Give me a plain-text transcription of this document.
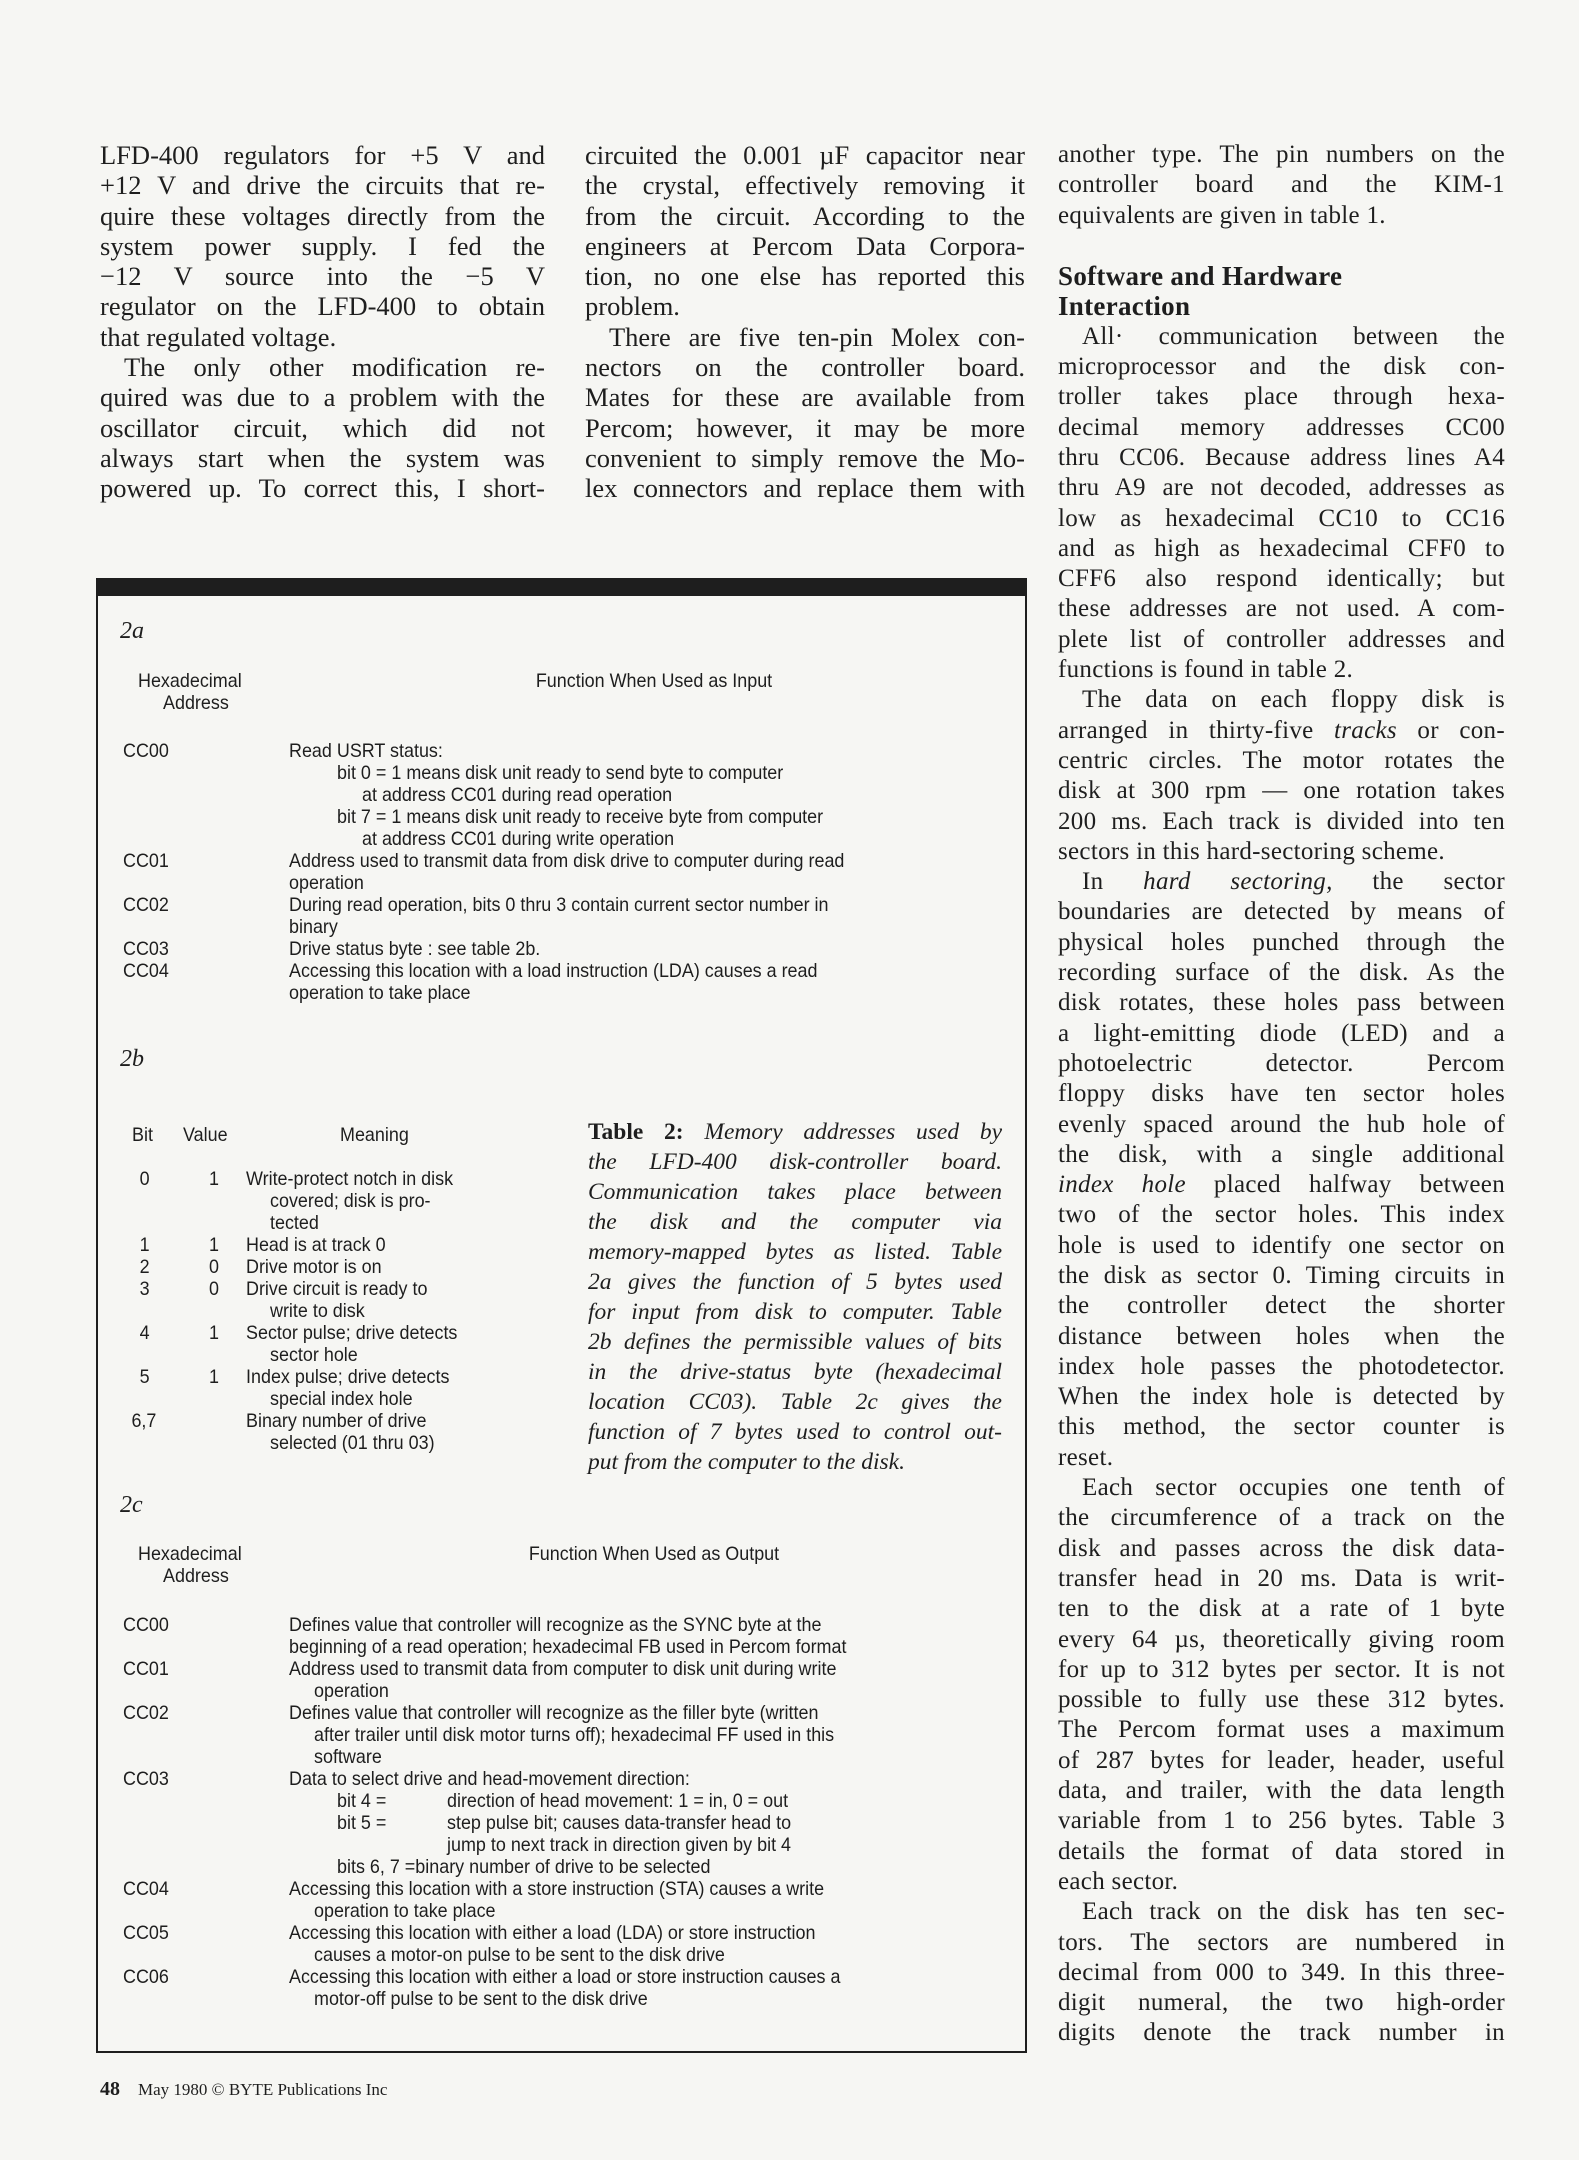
LFD-400 regulators for +5 V and
+12 V and drive the circuits that re-
quire these voltages directly from the
system power supply. I fed the
−12 V source into the −5 V
regulator on the LFD-400 to obtain
that regulated voltage.
The only other modification re-
quired was due to a problem with the
oscillator circuit, which did not
always start when the system was
powered up. To correct this, I short-
circuited the 0.001 µF capacitor near
the crystal, effectively removing it
from the circuit. According to the
engineers at Percom Data Corpora-
tion, no one else has reported this
problem.
There are five ten-pin Molex con-
nectors on the controller board.
Mates for these are available from
Percom; however, it may be more
convenient to simply remove the Mo-
lex connectors and replace them with
another type. The pin numbers on the
controller board and the KIM-1
equivalents are given in table 1.
Software and Hardware
Interaction
All· communication between the
microprocessor and the disk con-
troller takes place through hexa-
decimal memory addresses CC00
thru CC06. Because address lines A4
thru A9 are not decoded, addresses as
low as hexadecimal CC10 to CC16
and as high as hexadecimal CFF0 to
CFF6 also respond identically; but
these addresses are not used. A com-
plete list of controller addresses and
functions is found in table 2.
The data on each floppy disk is
arranged in thirty-five tracks or con-
centric circles. The motor rotates the
disk at 300 rpm — one rotation takes
200 ms. Each track is divided into ten
sectors in this hard-sectoring scheme.
In hard sectoring, the sector
boundaries are detected by means of
physical holes punched through the
recording surface of the disk. As the
disk rotates, these holes pass between
a light-emitting diode (LED) and a
photoelectric detector. Percom
floppy disks have ten sector holes
evenly spaced around the hub hole of
the disk, with a single additional
index hole placed halfway between
two of the sector holes. This index
hole is used to identify one sector on
the disk as sector 0. Timing circuits in
the controller detect the shorter
distance between holes when the
index hole passes the photodetector.
When the index hole is detected by
this method, the sector counter is
reset.
Each sector occupies one tenth of
the circumference of a track on the
disk and passes across the disk data-
transfer head in 20 ms. Data is writ-
ten to the disk at a rate of 1 byte
every 64 µs, theoretically giving room
for up to 312 bytes per sector. It is not
possible to fully use these 312 bytes.
The Percom format uses a maximum
of 287 bytes for leader, header, useful
data, and trailer, with the data length
variable from 1 to 256 bytes. Table 3
details the format of data stored in
each sector.
Each track on the disk has ten sec-
tors. The sectors are numbered in
decimal from 000 to 349. In this three-
digit numeral, the two high-order
digits denote the track number in
2a
Hexadecimal
Address
Function When Used as Input
CC00	Read USRT status:
bit 0 = 1 means disk unit ready to send byte to computer
at address CC01 during read operation
bit 7 = 1 means disk unit ready to receive byte from computer
at address CC01 during write operation
CC01	Address used to transmit data from disk drive to computer during read
operation
CC02	During read operation, bits 0 thru 3 contain current sector number in
binary
CC03	Drive status byte : see table 2b.
CC04	Accessing this location with a load instruction (LDA) causes a read
operation to take place
2c
Hexadecimal
Address
Function When Used as Output
CC00	Defines value that controller will recognize as the SYNC byte at the
beginning of a read operation; hexadecimal FB used in Percom format
CC01	Address used to transmit data from computer to disk unit during write
operation
CC02	Defines value that controller will recognize as the filler byte (written
after trailer until disk motor turns off); hexadecimal FF used in this
software
CC03	Data to select drive and head-movement direction:
bit 4 =	direction of head movement: 1 = in, 0 = out
bit 5 =	step pulse bit; causes data-transfer head to
jump to next track in direction given by bit 4
bits 6, 7 =binary number of drive to be selected
CC04	Accessing this location with a store instruction (STA) causes a write
operation to take place
CC05	Accessing this location with either a load (LDA) or store instruction
causes a motor-on pulse to be sent to the disk drive
CC06	Accessing this location with either a load or store instruction causes a
motor-off pulse to be sent to the disk drive
2b
Bit Value	Meaning
0	1 Write-protect notch in disk
covered; disk is pro-
tected
1	1 Head is at track 0
2	0 Drive motor is on
3	0 Drive circuit is ready to
write to disk
4	1 Sector pulse; drive detects
sector hole
5	1 Index pulse; drive detects
special index hole
6,7	Binary number of drive
selected (01 thru 03)
Table 2: Memory addresses used by
the LFD-400 disk-controller board.
Communication takes place between
the disk and the computer via
memory-mapped bytes as listed. Table
2a gives the function of 5 bytes used
for input from disk to computer. Table
2b defines the permissible values of bits
in the drive-status byte (hexadecimal
location CC03). Table 2c gives the
function of 7 bytes used to control out-
put from the computer to the disk.
48 May 1980 © BYTE Publications Inc
